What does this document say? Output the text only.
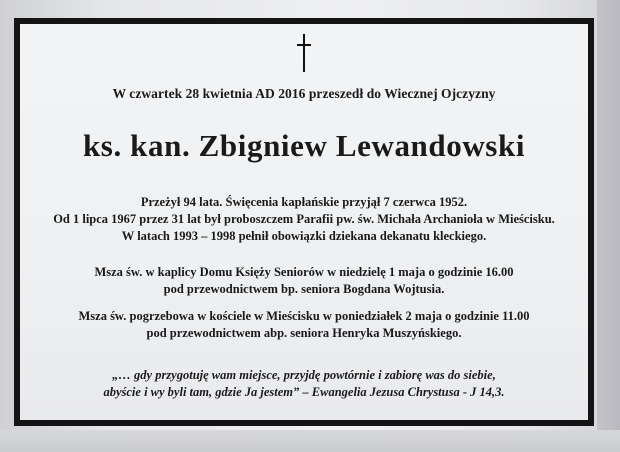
W czwartek 28 kwietnia AD 2016 przeszedł do Wiecznej Ojczyzny
ks. kan. Zbigniew Lewandowski
Przeżył 94 lata. Święcenia kapłańskie przyjął 7 czerwca 1952.
Od 1 lipca 1967 przez 31 lat był proboszczem Parafii pw. św. Michała Archanioła w Mieścisku.
W latach 1993 – 1998 pełnił obowiązki dziekana dekanatu kleckiego.
Msza św. w kaplicy Domu Księży Seniorów w niedzielę 1 maja o godzinie 16.00
pod przewodnictwem bp. seniora Bogdana Wojtusia.
Msza św. pogrzebowa w kościele w Mieścisku w poniedziałek 2 maja o godzinie 11.00
pod przewodnictwem abp. seniora Henryka Muszyńskiego.
„… gdy przygotuję wam miejsce, przyjdę powtórnie i zabiorę was do siebie,
abyście i wy byli tam, gdzie Ja jestem” – Ewangelia Jezusa Chrystusa - J 14,3.
